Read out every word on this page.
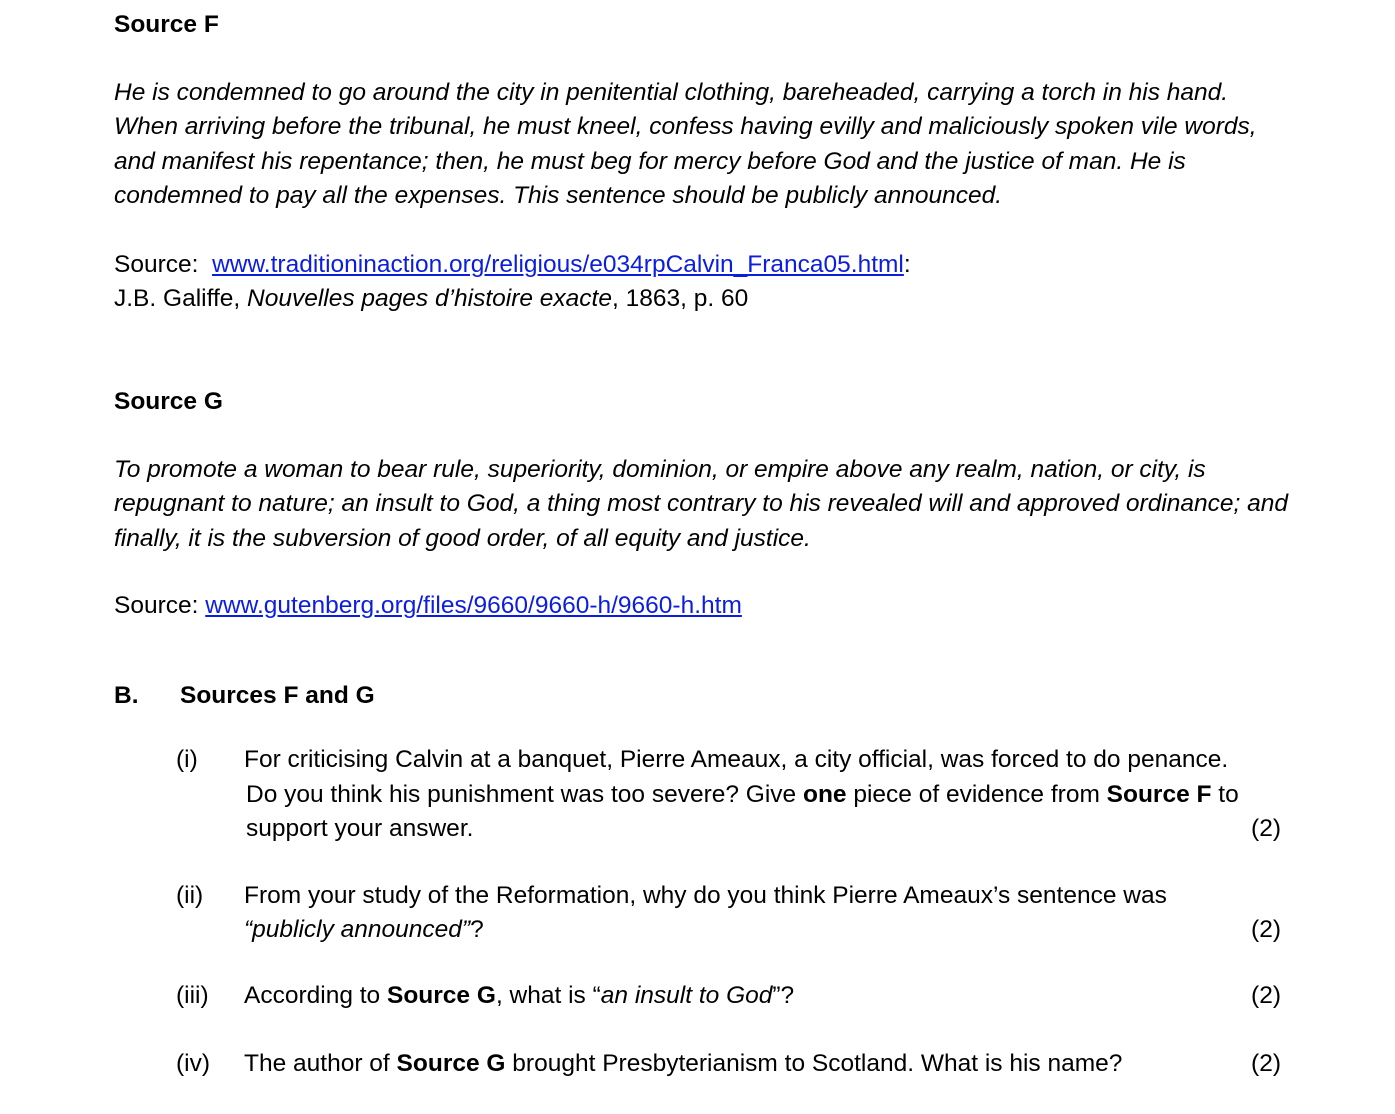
Source F

He is condemned to go around the city in penitential clothing, bareheaded, carrying a torch in his hand. When arriving before the tribunal, he must kneel, confess having evilly and maliciously spoken vile words, and manifest his repentance; then, he must beg for mercy before God and the justice of man. He is condemned to pay all the expenses. This sentence should be publicly announced.

Source:  www.traditioninaction.org/religious/e034rpCalvin_Franca05.html:

J.B. Galiffe, Nouvelles pages d’histoire exacte, 1863, p. 60

Source G

To promote a woman to bear rule, superiority, dominion, or empire above any realm, nation, or city, is repugnant to nature; an insult to God, a thing most contrary to his revealed will and approved ordinance; and finally, it is the subversion of good order, of all equity and justice.

Source: www.gutenberg.org/files/9660/9660-h/9660-h.htm

B.	Sources F and G
(i)	For criticising Calvin at a banquet, Pierre Ameaux, a city official, was forced to do penance.
Do you think his punishment was too severe? Give one piece of evidence from Source F to
support your answer.	(2)
(ii)	From your study of the Reformation, why do you think Pierre Ameaux’s sentence was
“publicly announced”?	(2)
(iii)	According to Source G, what is “an insult to God”?	(2)
(iv)	The author of Source G brought Presbyterianism to Scotland. What is his name?	(2)
